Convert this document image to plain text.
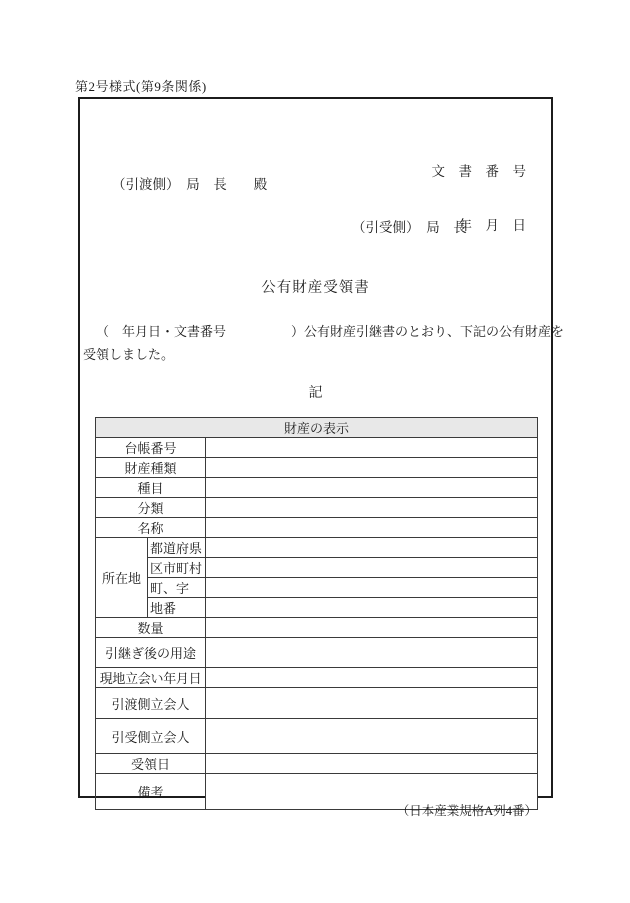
第2号様式(第9条関係)

文　書　番　号

年　月　日

（引渡側）　局　長　　殿
（引受側）　局　長
公有財産受領書
（　年月日・文書番号　　　　　）公有財産引継書のとおり、下記の公有財産を
受領しました。
記
財産の表示		
台帳番号		
財産種類		
種目		
分類		
名称		
所在地	都道府県	
	区市町村	
	町、字	
	地番	
数量		
引継ぎ後の用途		
現地立会い年月日		
引渡側立会人		
引受側立会人		
受領日		
備考		
（日本産業規格A列4番）
